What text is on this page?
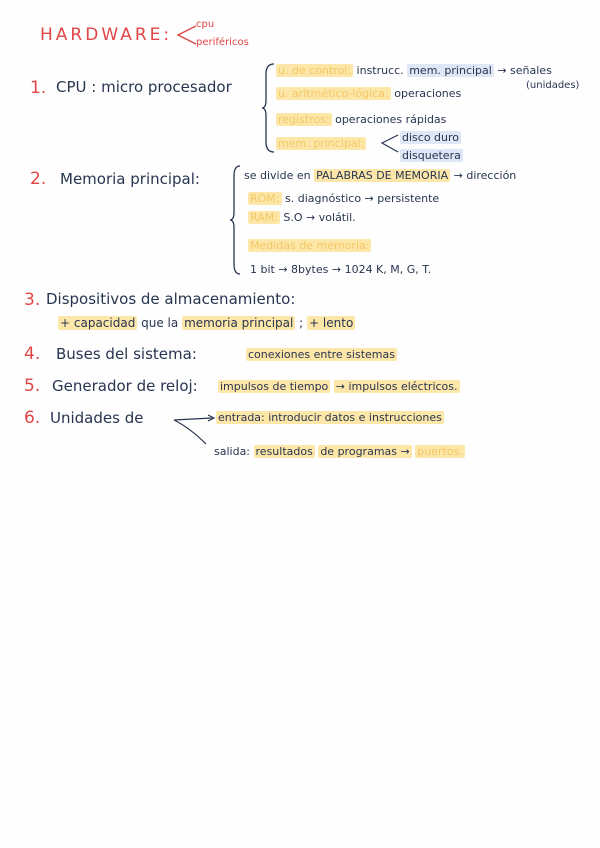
HARDWARE:
cpu
periféricos
1. CPU : micro procesador
u. de control: instrucc. mem. principal → señales
(unidades)
u. aritmético-lógica: operaciones
registros: operaciones rápidas
mem. principal:	disco duro
disquetera
2. Memoria principal:	se divide en PALABRAS DE MEMORIA → dirección
ROM: s. diagnóstico → persistente
RAM: S.O → volátil.
Medidas de memoria:
1 bit → 8bytes → 1024 K, M, G, T.
3. Dispositivos de almacenamiento:
+ capacidad que la memoria principal ; + lento
4. Buses del sistema:	conexiones entre sistemas
5. Generador de reloj: impulsos de tiempo → impulsos eléctricos.
6. Unidades de	entrada: introducir datos e instrucciones
salida: resultados de programas → puertos.
